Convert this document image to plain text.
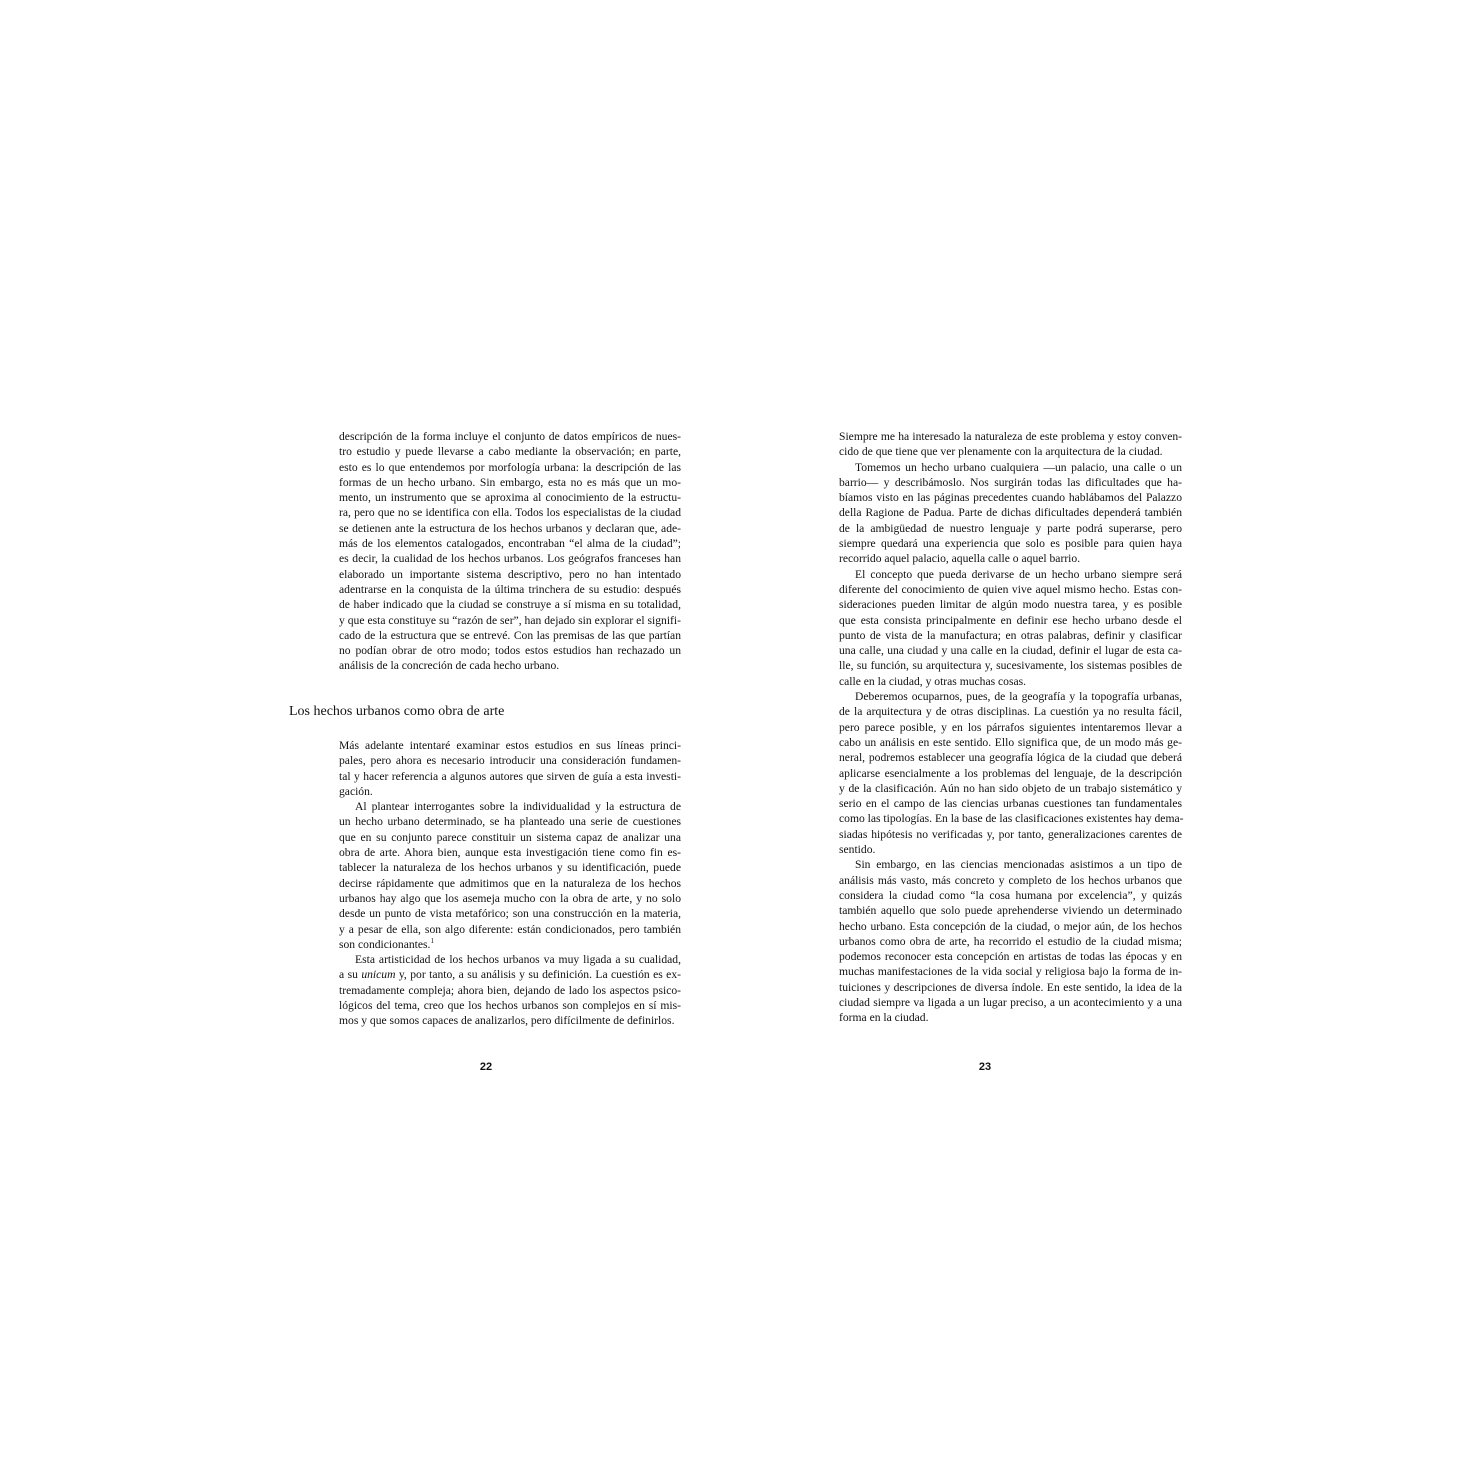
descripción de la forma incluye el conjunto de datos empíricos de nues-
tro estudio y puede llevarse a cabo mediante la observación; en parte,
esto es lo que entendemos por morfología urbana: la descripción de las
formas de un hecho urbano. Sin embargo, esta no es más que un mo-
mento, un instrumento que se aproxima al conocimiento de la estructu-
ra, pero que no se identifica con ella. Todos los especialistas de la ciudad
se detienen ante la estructura de los hechos urbanos y declaran que, ade-
más de los elementos catalogados, encontraban “el alma de la ciudad”;
es decir, la cualidad de los hechos urbanos. Los geógrafos franceses han
elaborado un importante sistema descriptivo, pero no han intentado
adentrarse en la conquista de la última trinchera de su estudio: después
de haber indicado que la ciudad se construye a sí misma en su totalidad,
y que esta constituye su “razón de ser”, han dejado sin explorar el signifi-
cado de la estructura que se entrevé. Con las premisas de las que partían
no podían obrar de otro modo; todos estos estudios han rechazado un
análisis de la concreción de cada hecho urbano.
Los hechos urbanos como obra de arte
Más adelante intentaré examinar estos estudios en sus líneas princi-
pales, pero ahora es necesario introducir una consideración fundamen-
tal y hacer referencia a algunos autores que sirven de guía a esta investi-
gación.
Al plantear interrogantes sobre la individualidad y la estructura de
un hecho urbano determinado, se ha planteado una serie de cuestiones
que en su conjunto parece constituir un sistema capaz de analizar una
obra de arte. Ahora bien, aunque esta investigación tiene como fin es-
tablecer la naturaleza de los hechos urbanos y su identificación, puede
decirse rápidamente que admitimos que en la naturaleza de los hechos
urbanos hay algo que los asemeja mucho con la obra de arte, y no solo
desde un punto de vista metafórico; son una construcción en la materia,
y a pesar de ella, son algo diferente: están condicionados, pero también
son condicionantes.$^1$
Esta artisticidad de los hechos urbanos va muy ligada a su cualidad,
a su unicum y, por tanto, a su análisis y su definición. La cuestión es ex-
tremadamente compleja; ahora bien, dejando de lado los aspectos psico-
lógicos del tema, creo que los hechos urbanos son complejos en sí mis-
mos y que somos capaces de analizarlos, pero difícilmente de definirlos.
22
Siempre me ha interesado la naturaleza de este problema y estoy conven-
cido de que tiene que ver plenamente con la arquitectura de la ciudad.
Tomemos un hecho urbano cualquiera —un palacio, una calle o un
barrio— y describámoslo. Nos surgirán todas las dificultades que ha-
bíamos visto en las páginas precedentes cuando hablábamos del Palazzo
della Ragione de Padua. Parte de dichas dificultades dependerá también
de la ambigüedad de nuestro lenguaje y parte podrá superarse, pero
siempre quedará una experiencia que solo es posible para quien haya
recorrido aquel palacio, aquella calle o aquel barrio.
El concepto que pueda derivarse de un hecho urbano siempre será
diferente del conocimiento de quien vive aquel mismo hecho. Estas con-
sideraciones pueden limitar de algún modo nuestra tarea, y es posible
que esta consista principalmente en definir ese hecho urbano desde el
punto de vista de la manufactura; en otras palabras, definir y clasificar
una calle, una ciudad y una calle en la ciudad, definir el lugar de esta ca-
lle, su función, su arquitectura y, sucesivamente, los sistemas posibles de
calle en la ciudad, y otras muchas cosas.
Deberemos ocuparnos, pues, de la geografía y la topografía urbanas,
de la arquitectura y de otras disciplinas. La cuestión ya no resulta fácil,
pero parece posible, y en los párrafos siguientes intentaremos llevar a
cabo un análisis en este sentido. Ello significa que, de un modo más ge-
neral, podremos establecer una geografía lógica de la ciudad que deberá
aplicarse esencialmente a los problemas del lenguaje, de la descripción
y de la clasificación. Aún no han sido objeto de un trabajo sistemático y
serio en el campo de las ciencias urbanas cuestiones tan fundamentales
como las tipologías. En la base de las clasificaciones existentes hay dema-
siadas hipótesis no verificadas y, por tanto, generalizaciones carentes de
sentido.
Sin embargo, en las ciencias mencionadas asistimos a un tipo de
análisis más vasto, más concreto y completo de los hechos urbanos que
considera la ciudad como “la cosa humana por excelencia”, y quizás
también aquello que solo puede aprehenderse viviendo un determinado
hecho urbano. Esta concepción de la ciudad, o mejor aún, de los hechos
urbanos como obra de arte, ha recorrido el estudio de la ciudad misma;
podemos reconocer esta concepción en artistas de todas las épocas y en
muchas manifestaciones de la vida social y religiosa bajo la forma de in-
tuiciones y descripciones de diversa índole. En este sentido, la idea de la
ciudad siempre va ligada a un lugar preciso, a un acontecimiento y a una
forma en la ciudad.
23
